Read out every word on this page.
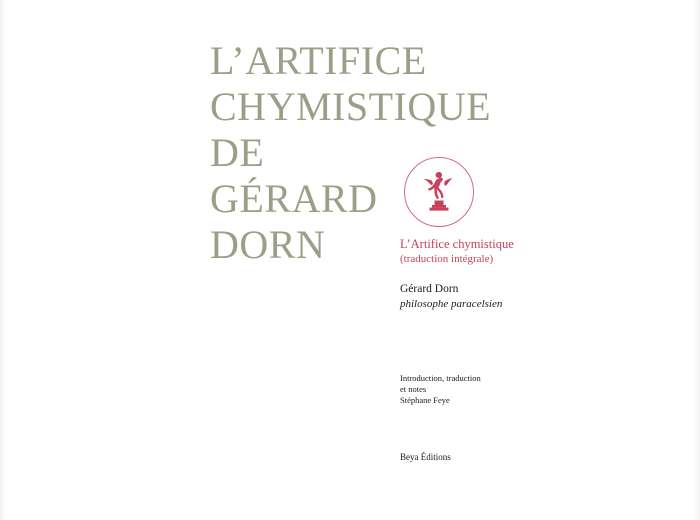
L’ARTIFICE
CHYMISTIQUE
DE
GÉRARD
DORN	L’Artifice chymistique
(traduction intégrale)
Gérard Dorn
philosophe paracelsien
Introduction, traduction
et notes
Stéphane Feye
Beya Éditions
